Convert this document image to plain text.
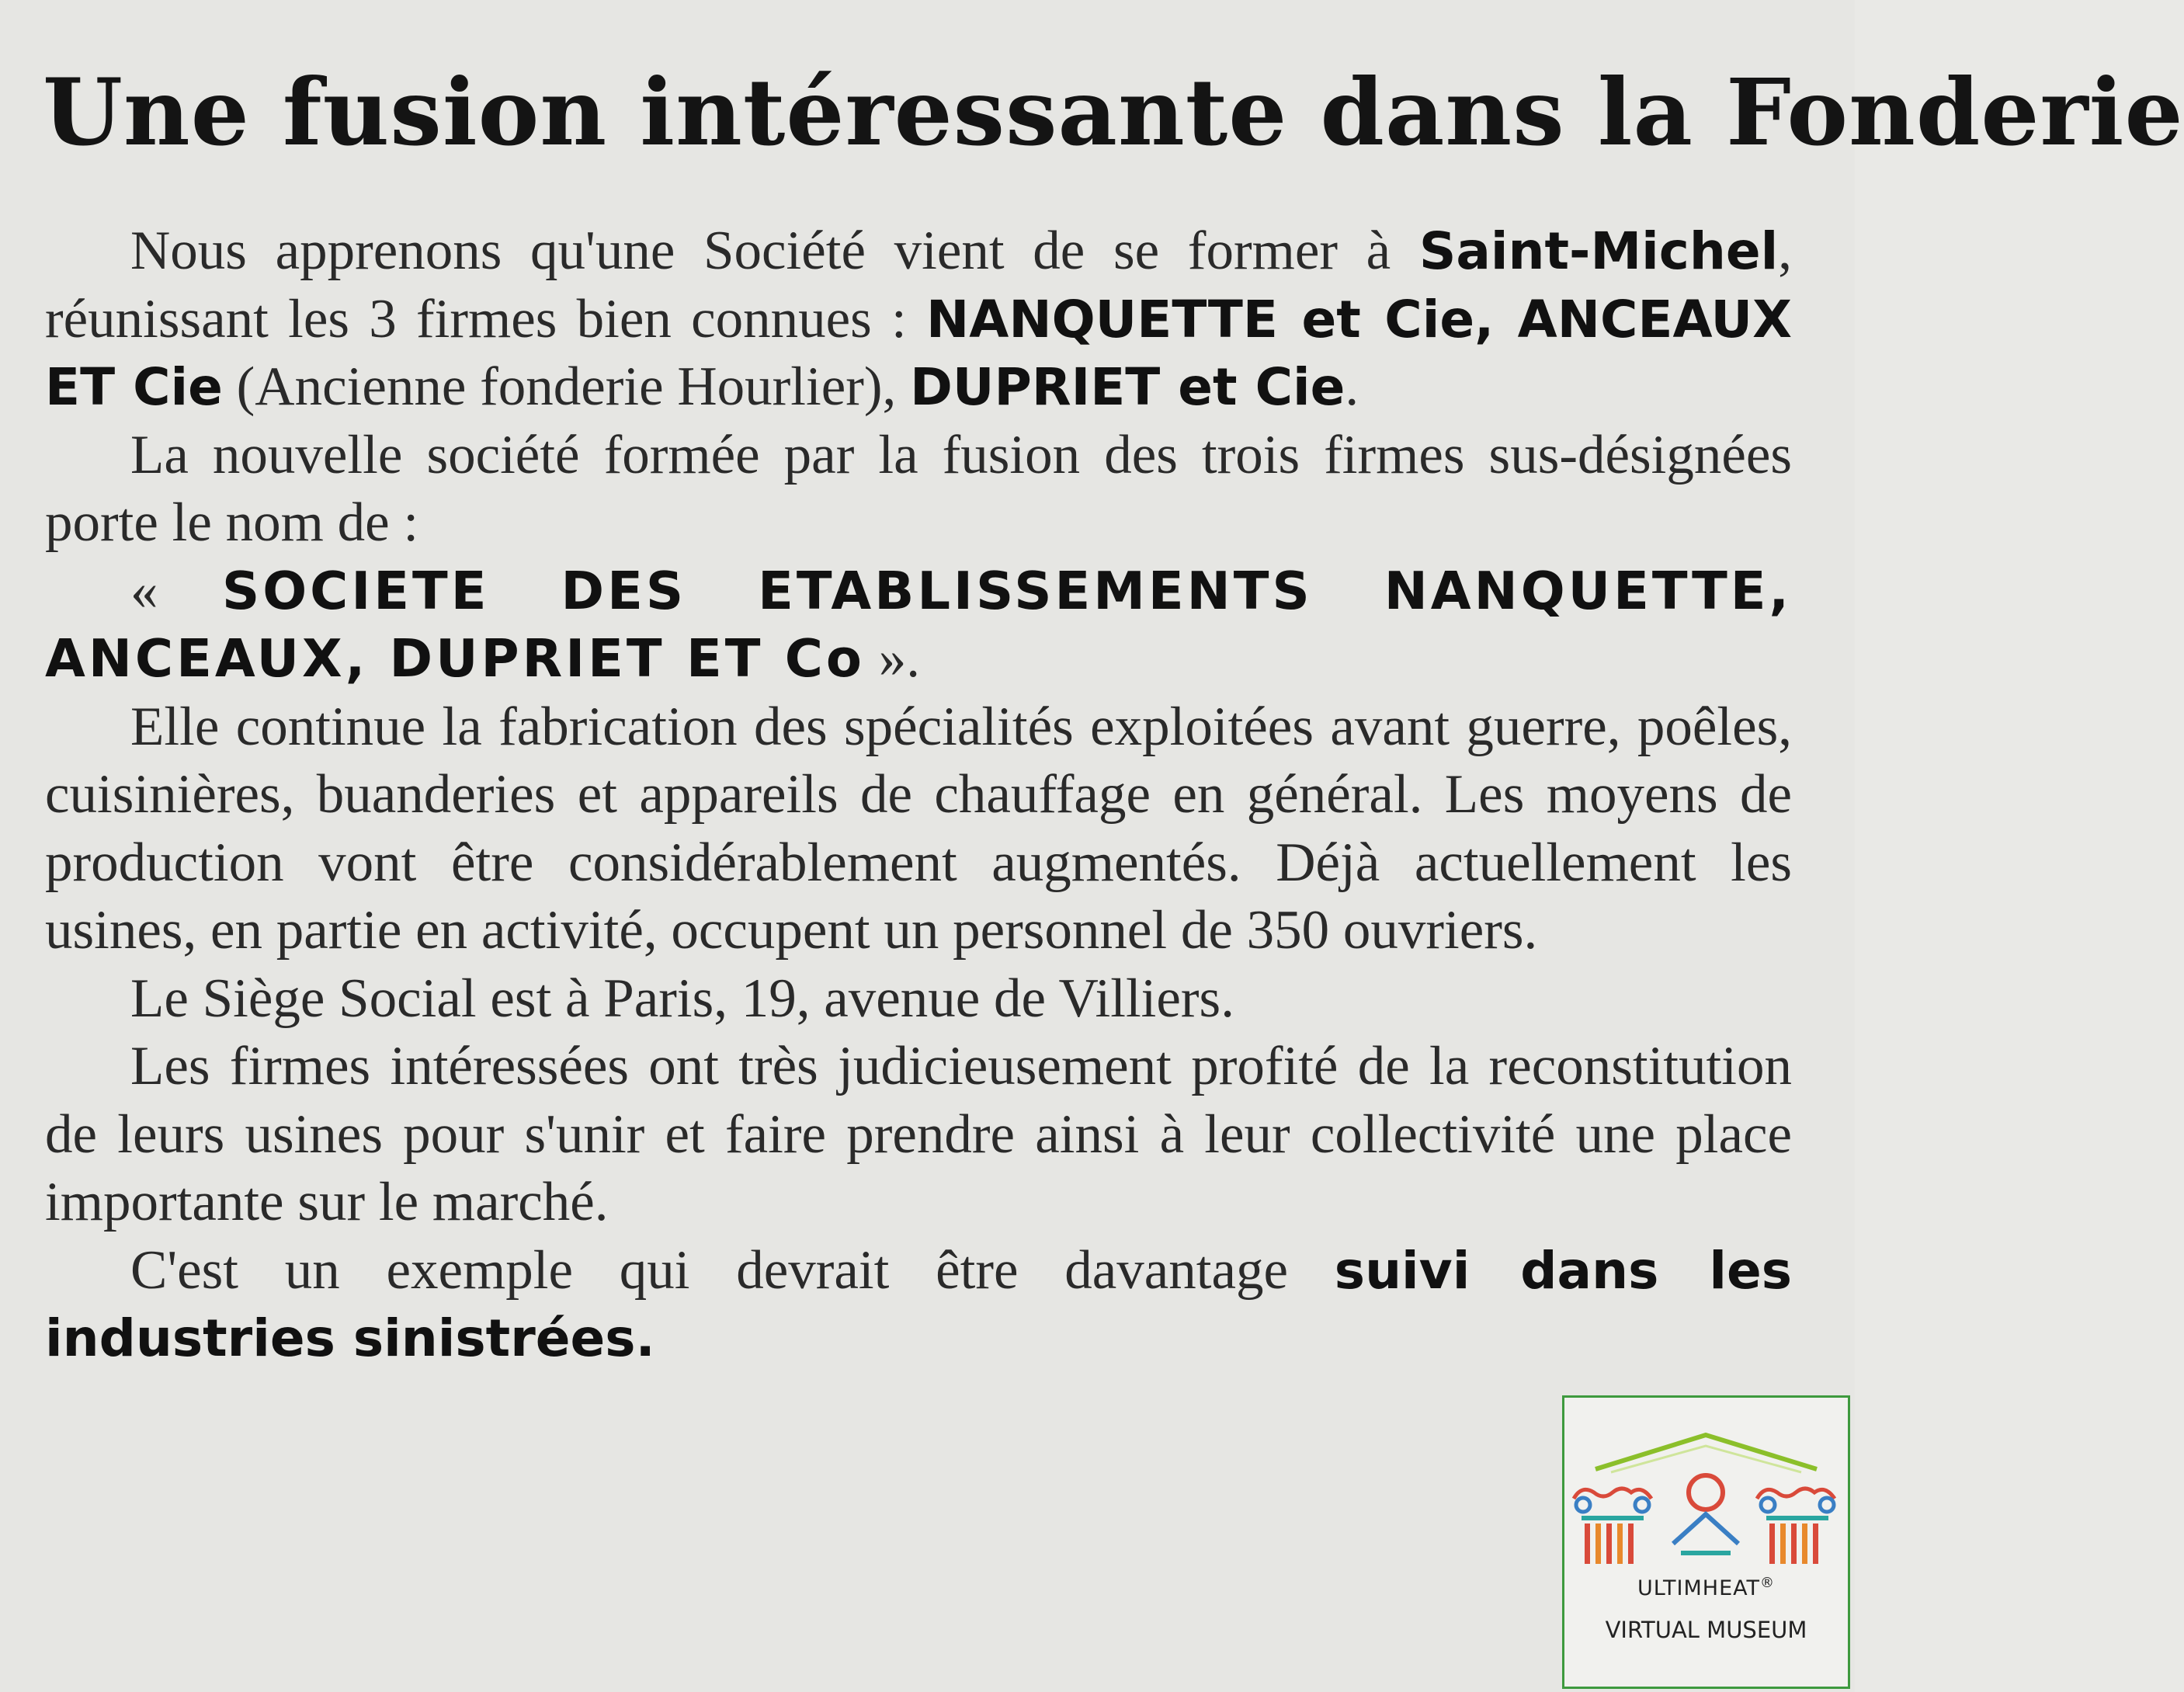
Une fusion intéressante dans la Fonderie

Nous apprenons qu'une Société vient de se former à Saint-Michel, réunissant les 3 firmes bien connues : NANQUETTE et Cie, ANCEAUX ET Cie (Ancienne fonderie Hourlier), DUPRIET et Cie.

La nouvelle société formée par la fusion des trois firmes sus-désignées porte le nom de :

« SOCIETE DES ETABLISSEMENTS NANQUETTE, ANCEAUX, DUPRIET ET Co ».

Elle continue la fabrication des spécialités exploitées avant guerre, poêles, cuisinières, buanderies et appareils de chauffage en général. Les moyens de production vont être considérablement augmentés. Déjà actuellement les usines, en partie en activité, occupent un personnel de 350 ouvriers.

Le Siège Social est à Paris, 19, avenue de Villiers.

Les firmes intéressées ont très judicieusement profité de la reconstitution de leurs usines pour s'unir et faire prendre ainsi à leur collectivité une place importante sur le marché.

C'est un exemple qui devrait être davantage suivi dans les industries sinistrées.

ULTIMHEAT®
VIRTUAL MUSEUM
